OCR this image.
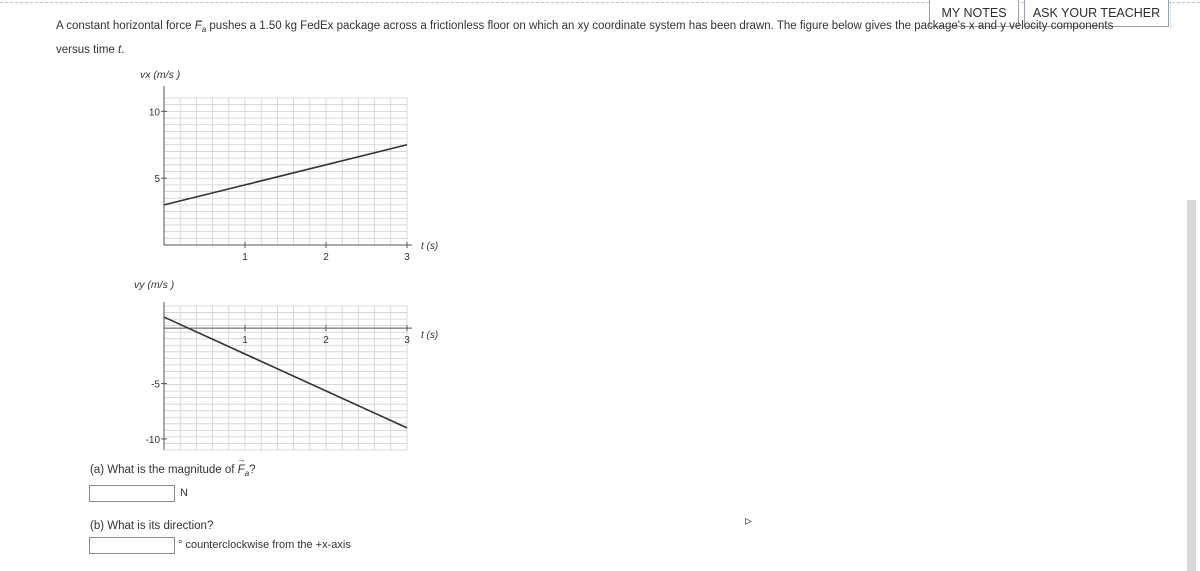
MY NOTES	ASK YOUR TEACHER
A constant horizontal force → $F_a$ pushes a 1.50 kg FedEx package across a frictionless floor on which an xy coordinate system has been drawn. The figure below gives the package's x and y velocity components
versus time t.
10
5
1	2	3
vx (m/s )
t (s)
-5
-10
1	2	3
vy (m/s )
t (s)
(a) What is the magnitude of → $F_a$?
N
(b) What is its direction?
° counterclockwise from the +x-axis
▹
